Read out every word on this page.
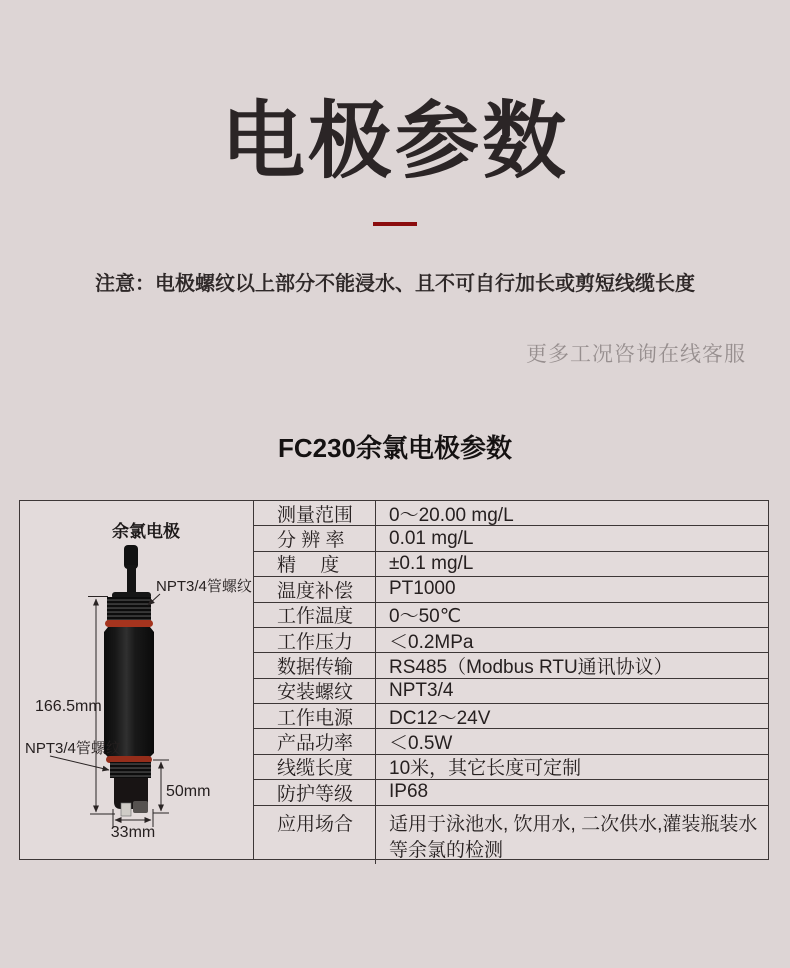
电极参数
注意：电极螺纹以上部分不能浸水、且不可自行加长或剪短线缆长度
更多工况咨询在线客服
FC230余氯电极参数
余氯电极
166.5mm
50mm
33mm
NPT3/4管螺纹
NPT3/4管螺纹
测量范围	0～20.00 mg/L
分 辨 率	0.01 mg/L
精　 度	±0.1 mg/L
温度补偿	PT1000
工作温度	0～50℃
工作压力	＜0.2MPa
数据传输	RS485（Modbus RTU通讯协议）
安装螺纹	NPT3/4
工作电源	DC12～24V
产品功率	＜0.5W
线缆长度	10米，其它长度可定制
防护等级	IP68
应用场合	适用于泳池水, 饮用水, 二次供水,灌装瓶装水等余氯的检测
